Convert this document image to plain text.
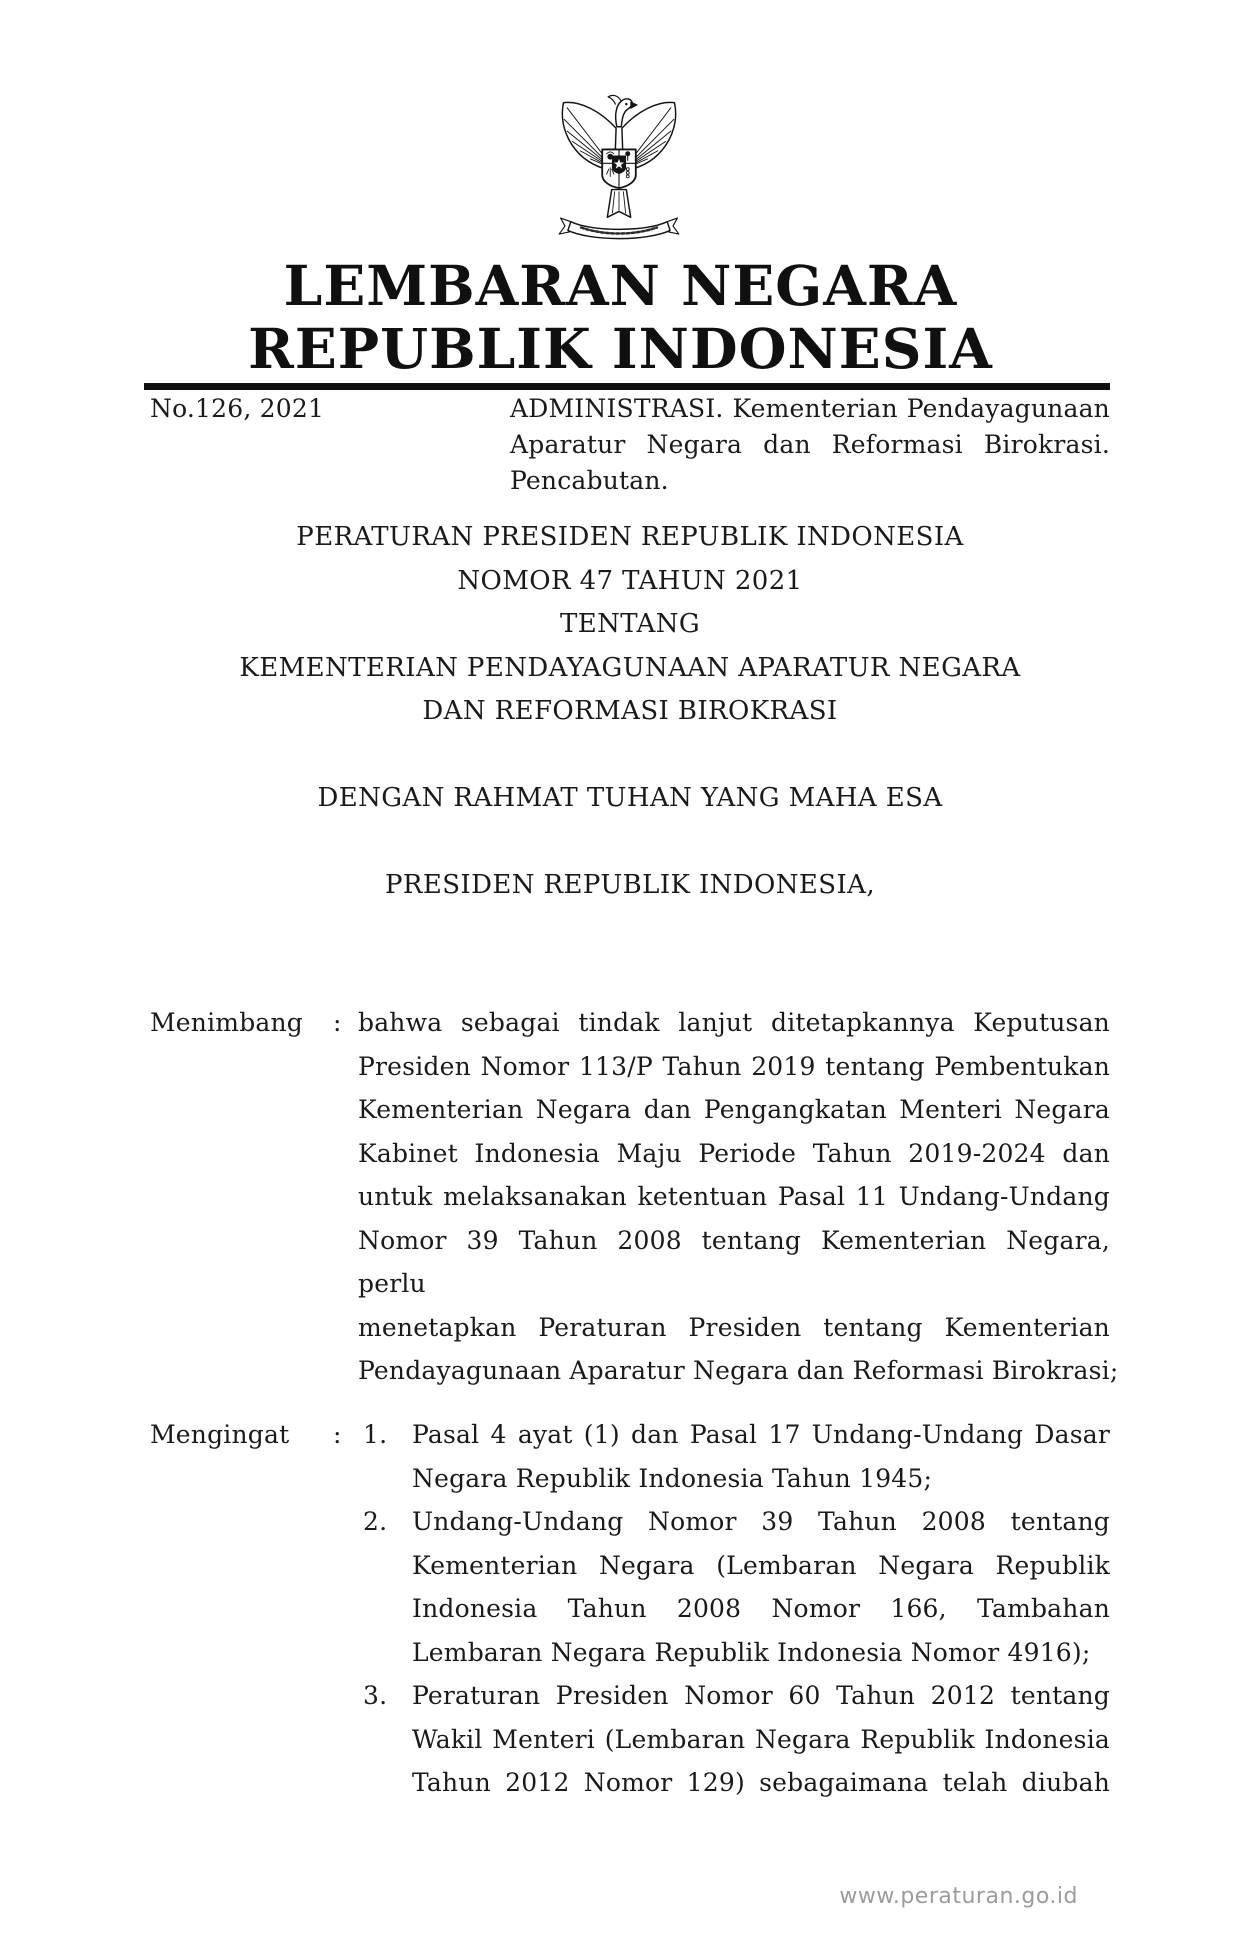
LEMBARAN NEGARA
REPUBLIK INDONESIA
No.126, 2021	ADMINISTRASI. Kementerian Pendayagunaan
Aparatur Negara dan Reformasi Birokrasi.
Pencabutan.
PERATURAN PRESIDEN REPUBLIK INDONESIA
NOMOR 47 TAHUN 2021
TENTANG
KEMENTERIAN PENDAYAGUNAAN APARATUR NEGARA
DAN REFORMASI BIROKRASI
DENGAN RAHMAT TUHAN YANG MAHA ESA
PRESIDEN REPUBLIK INDONESIA,
Menimbang : bahwa sebagai tindak lanjut ditetapkannya Keputusan
Presiden Nomor 113/P Tahun 2019 tentang Pembentukan
Kementerian Negara dan Pengangkatan Menteri Negara
Kabinet Indonesia Maju Periode Tahun 2019-2024 dan
untuk melaksanakan ketentuan Pasal 11 Undang-Undang
Nomor 39 Tahun 2008 tentang Kementerian Negara, perlu
menetapkan Peraturan Presiden tentang Kementerian
Pendayagunaan Aparatur Negara dan Reformasi Birokrasi;
Mengingat : 1. Pasal 4 ayat (1) dan Pasal 17 Undang-Undang Dasar
Negara Republik Indonesia Tahun 1945;
2. Undang-Undang Nomor 39 Tahun 2008 tentang
Kementerian Negara (Lembaran Negara Republik
Indonesia Tahun 2008 Nomor 166, Tambahan
Lembaran Negara Republik Indonesia Nomor 4916);
3. Peraturan Presiden Nomor 60 Tahun 2012 tentang
Wakil Menteri (Lembaran Negara Republik Indonesia
Tahun 2012 Nomor 129) sebagaimana telah diubah
www.peraturan.go.id
